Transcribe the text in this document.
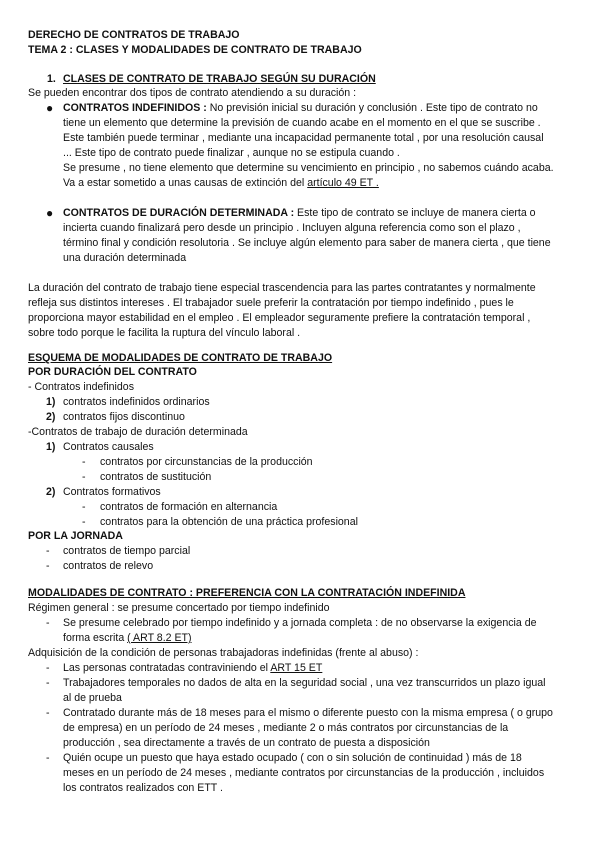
DERECHO DE CONTRATOS DE TRABAJO
TEMA 2 : CLASES Y MODALIDADES DE CONTRATO DE TRABAJO
1. CLASES DE CONTRATO DE TRABAJO SEGÚN SU DURACIÓN
Se pueden encontrar dos tipos de contrato atendiendo a su duración :
● CONTRATOS INDEFINIDOS : No previsión inicial su duración y conclusión . Este tipo de contrato no
tiene un elemento que determine la previsión de cuando acabe en el momento en el que se suscribe .
Este también puede terminar , mediante una incapacidad permanente total , por una resolución causal
... Este tipo de contrato puede finalizar , aunque no se estipula cuando .
Se presume , no tiene elemento que determine su vencimiento en principio , no sabemos cuándo acaba.
Va a estar sometido a unas causas de extinción del artículo 49 ET .
● CONTRATOS DE DURACIÓN DETERMINADA : Este tipo de contrato se incluye de manera cierta o
incierta cuando finalizará pero desde un principio . Incluyen alguna referencia como son el plazo ,
término final y condición resolutoria . Se incluye algún elemento para saber de manera cierta , que tiene
una duración determinada
La duración del contrato de trabajo tiene especial trascendencia para las partes contratantes y normalmente
refleja sus distintos intereses . El trabajador suele preferir la contratación por tiempo indefinido , pues le
proporciona mayor estabilidad en el empleo . El empleador seguramente prefiere la contratación temporal ,
sobre todo porque le facilita la ruptura del vínculo laboral .
ESQUEMA DE MODALIDADES DE CONTRATO DE TRABAJO
POR DURACIÓN DEL CONTRATO
- Contratos indefinidos
1) contratos indefinidos ordinarios
2) contratos fijos discontinuo
-Contratos de trabajo de duración determinada
1) Contratos causales
- contratos por circunstancias de la producción
- contratos de sustitución
2) Contratos formativos
- contratos de formación en alternancia
- contratos para la obtención de una práctica profesional
POR LA JORNADA
- contratos de tiempo parcial
- contratos de relevo
MODALIDADES DE CONTRATO : PREFERENCIA CON LA CONTRATACIÓN INDEFINIDA
Régimen general : se presume concertado por tiempo indefinido
- Se presume celebrado por tiempo indefinido y a jornada completa : de no observarse la exigencia de
forma escrita ( ART 8.2 ET)
Adquisición de la condición de personas trabajadoras indefinidas (frente al abuso) :
- Las personas contratadas contraviniendo el ART 15 ET
- Trabajadores temporales no dados de alta en la seguridad social , una vez transcurridos un plazo igual
al de prueba
- Contratado durante más de 18 meses para el mismo o diferente puesto con la misma empresa ( o grupo
de empresa) en un período de 24 meses , mediante 2 o más contratos por circunstancias de la
producción , sea directamente a través de un contrato de puesta a disposición
- Quién ocupe un puesto que haya estado ocupado ( con o sin solución de continuidad ) más de 18
meses en un período de 24 meses , mediante contratos por circunstancias de la producción , incluidos
los contratos realizados con ETT .
